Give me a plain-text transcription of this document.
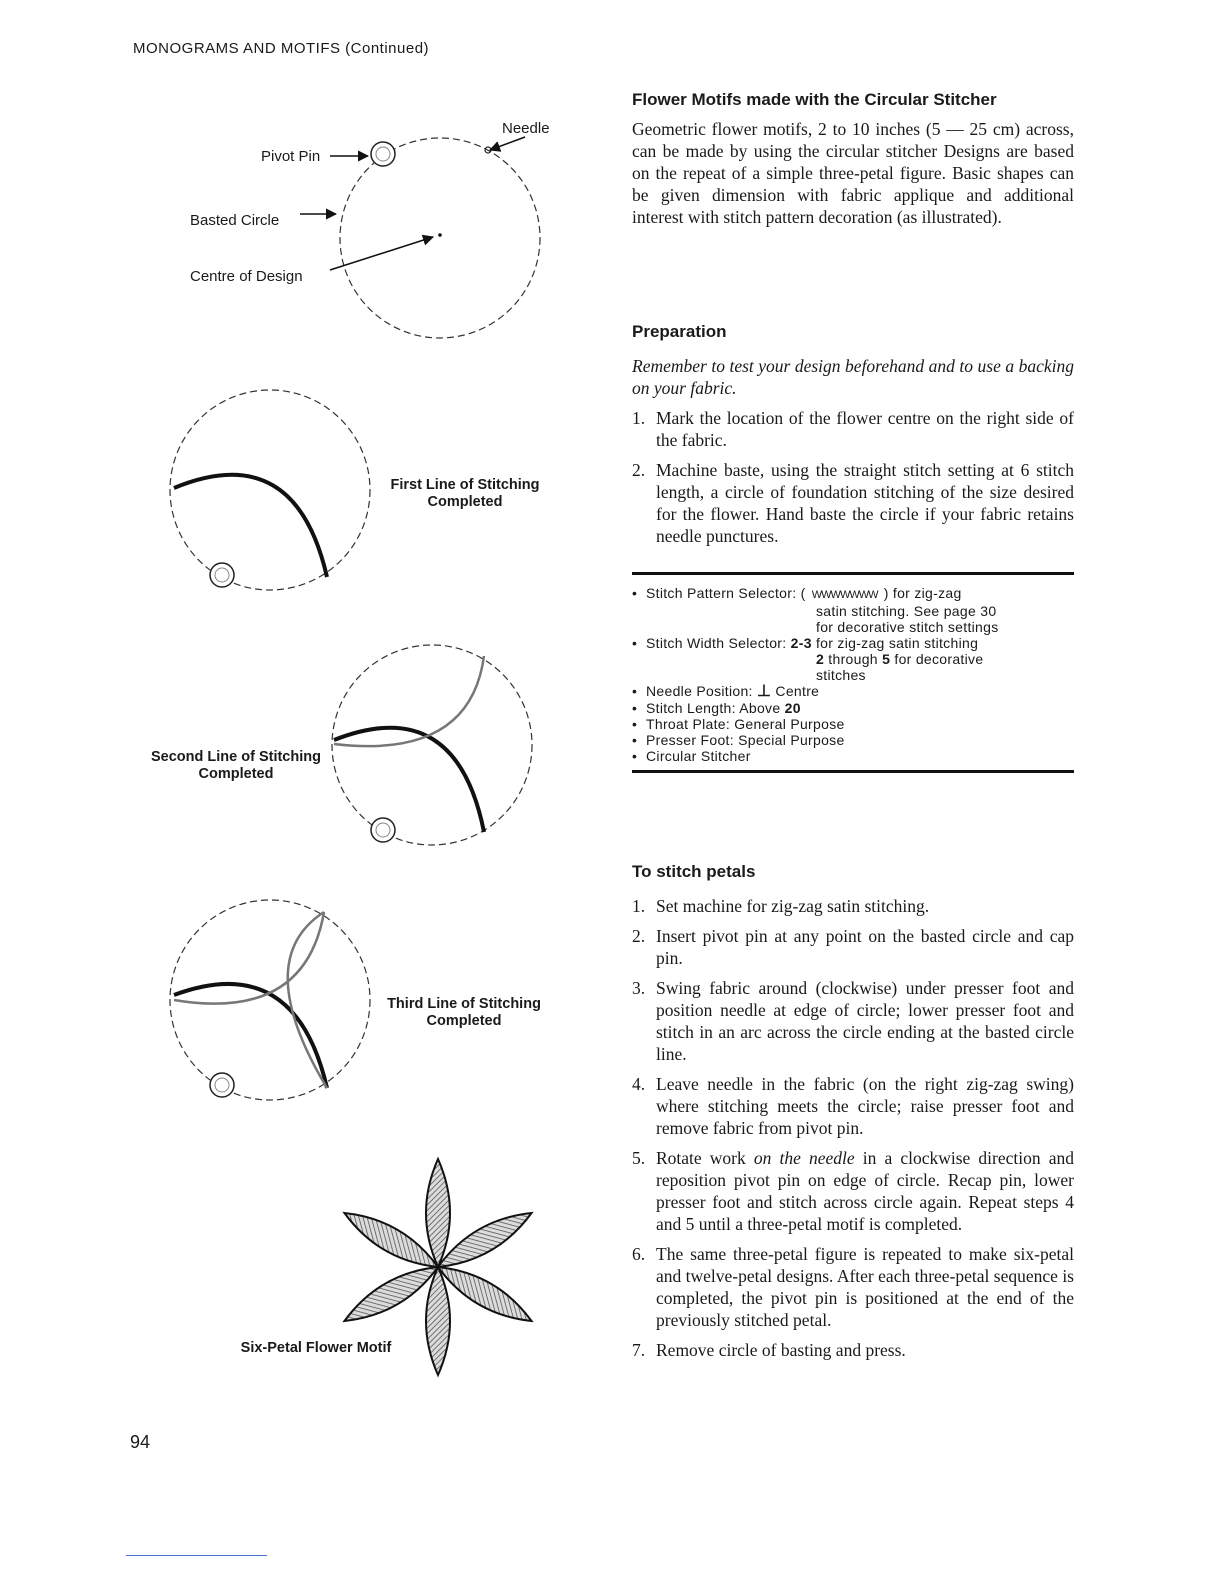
MONOGRAMS AND MOTIFS (Continued)
Needle
Pivot Pin
Basted Circle
Centre of Design
First Line of Stitching
Completed
Second Line of Stitching
Completed
Third Line of Stitching
Completed
Six-Petal Flower Motif
Flower Motifs made with the Circular Stitcher

Geometric flower motifs, 2 to 10 inches (5 — 25 cm) across, can be made by using the circular stitcher Designs are based on the repeat of a simple three-petal figure. Basic shapes can be given dimension with fabric applique and additional interest with stitch pattern decoration (as illustrated).

Preparation
Remember to test your design beforehand and to use a backing on your fabric.
1. Mark the location of the flower centre on the right side of the fabric.
2. Machine baste, using the straight stitch setting at 6 stitch length, a circle of foundation stitching of the size desired for the flower. Hand baste the circle if your fabric retains needle punctures.
• Stitch Pattern Selector: (  WWWWWWW  ) for zig-zag
satin stitching. See page 30
for decorative stitch settings
• Stitch Width Selector: 2-3 for zig-zag satin stitching
2 through 5 for decorative
stitches
• Needle Position: ⊥ Centre
• Stitch Length: Above 20
• Throat Plate: General Purpose
• Presser Foot: Special Purpose
• Circular Stitcher
To stitch petals
1. Set machine for zig-zag satin stitching.
2. Insert pivot pin at any point on the basted circle and cap pin.
3. Swing fabric around (clockwise) under presser foot and position needle at edge of circle; lower presser foot and stitch in an arc across the circle ending at the basted circle line.
4. Leave needle in the fabric (on the right zig-zag swing) where stitching meets the circle; raise presser foot and remove fabric from pivot pin.
5. Rotate work on the needle in a clockwise direction and reposition pivot pin on edge of circle. Recap pin, lower presser foot and stitch across circle again. Repeat steps 4 and 5 until a three-petal motif is completed.
6. The same three-petal figure is repeated to make six-petal and twelve-petal designs. After each three-petal sequence is completed, the pivot pin is positioned at the end of the previously stitched petal.
7. Remove circle of basting and press.
94
